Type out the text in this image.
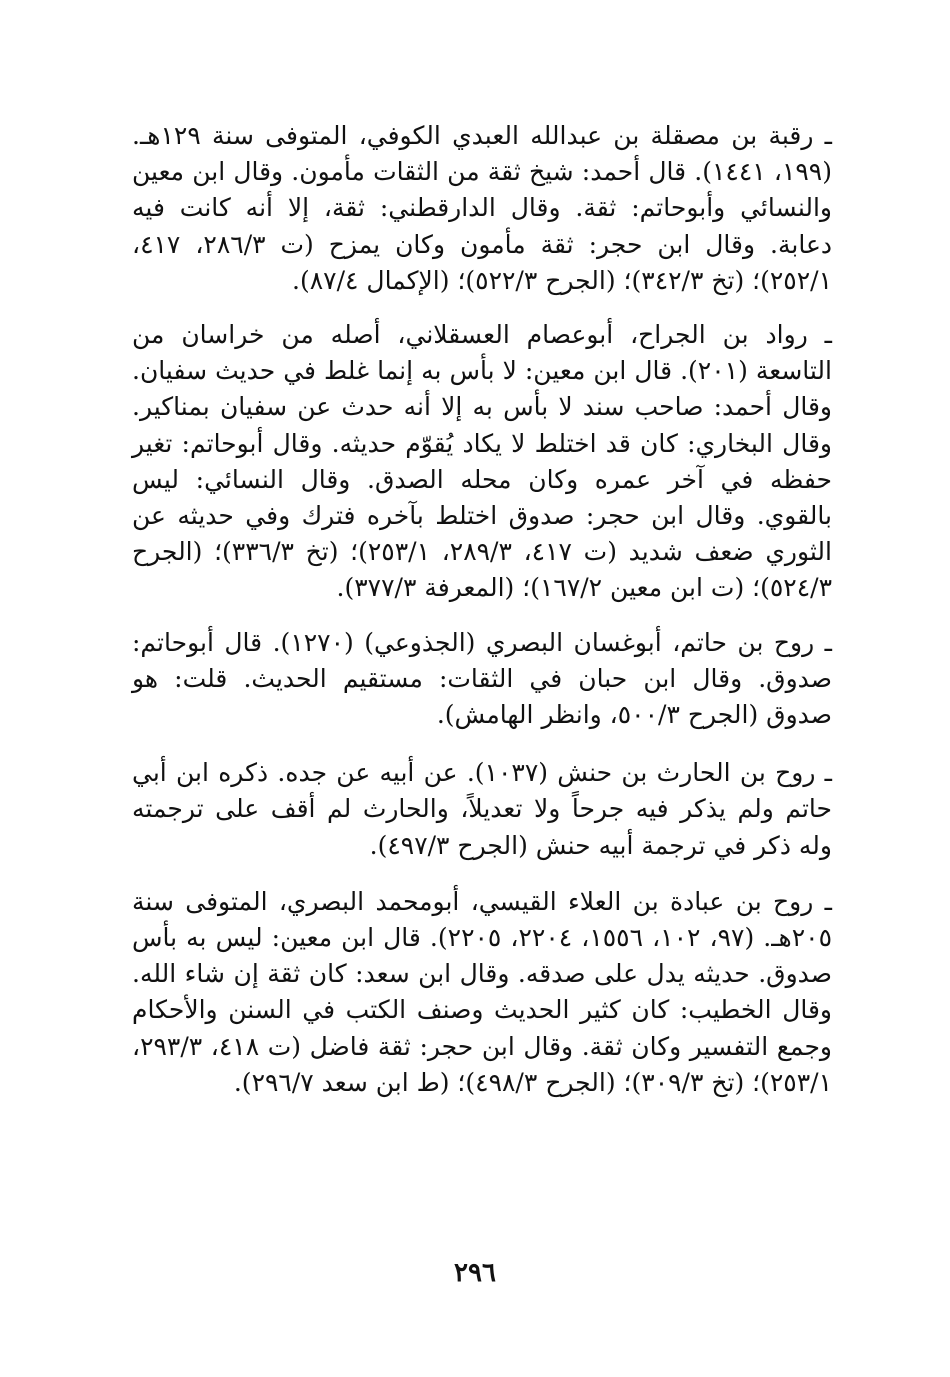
ـ رقبة بن مصقلة بن عبدالله العبدي الكوفي، المتوفى سنة ١٢٩هـ. (١٩٩، ١٤٤١). قال أحمد: شيخ ثقة من الثقات مأمون. وقال ابن معين والنسائي وأبوحاتم: ثقة. وقال الدارقطني: ثقة، إلا أنه كانت فيه دعابة. وقال ابن حجر: ثقة مأمون وكان يمزح (ت ٢٨٦/٣، ٤١٧، ٢٥٢/١)؛ (تخ ٣٤٢/٣)؛ (الجرح ٥٢٢/٣)؛ (الإكمال ٨٧/٤).

ـ رواد بن الجراح، أبوعصام العسقلاني، أصله من خراسان من التاسعة (٢٠١). قال ابن معين: لا بأس به إنما غلط في حديث سفيان. وقال أحمد: صاحب سند لا بأس به إلا أنه حدث عن سفيان بمناكير. وقال البخاري: كان قد اختلط لا يكاد يُقوّم حديثه. وقال أبوحاتم: تغير حفظه في آخر عمره وكان محله الصدق. وقال النسائي: ليس بالقوي. وقال ابن حجر: صدوق اختلط بآخره فترك وفي حديثه عن الثوري ضعف شديد (ت ٤١٧، ٢٨٩/٣، ٢٥٣/١)؛ (تخ ٣٣٦/٣)؛ (الجرح ٥٢٤/٣)؛ (ت ابن معين ١٦٧/٢)؛ (المعرفة ٣٧٧/٣).

ـ روح بن حاتم، أبوغسان البصري (الجذوعي) (١٢٧٠). قال أبوحاتم: صدوق. وقال ابن حبان في الثقات: مستقيم الحديث. قلت: هو صدوق (الجرح ٥٠٠/٣، وانظر الهامش).

ـ روح بن الحارث بن حنش (١٠٣٧). عن أبيه عن جده. ذكره ابن أبي حاتم ولم يذكر فيه جرحاً ولا تعديلاً، والحارث لم أقف على ترجمته وله ذكر في ترجمة أبيه حنش (الجرح ٤٩٧/٣).

ـ روح بن عبادة بن العلاء القيسي، أبومحمد البصري، المتوفى سنة ٢٠٥هـ. (٩٧، ١٠٢، ١٥٥٦، ٢٢٠٤، ٢٢٠٥). قال ابن معين: ليس به بأس صدوق. حديثه يدل على صدقه. وقال ابن سعد: كان ثقة إن شاء الله. وقال الخطيب: كان كثير الحديث وصنف الكتب في السنن والأحكام وجمع التفسير وكان ثقة. وقال ابن حجر: ثقة فاضل (ت ٤١٨، ٢٩٣/٣، ٢٥٣/١)؛ (تخ ٣٠٩/٣)؛ (الجرح ٤٩٨/٣)؛ (ط ابن سعد ٢٩٦/٧).

٢٩٦
